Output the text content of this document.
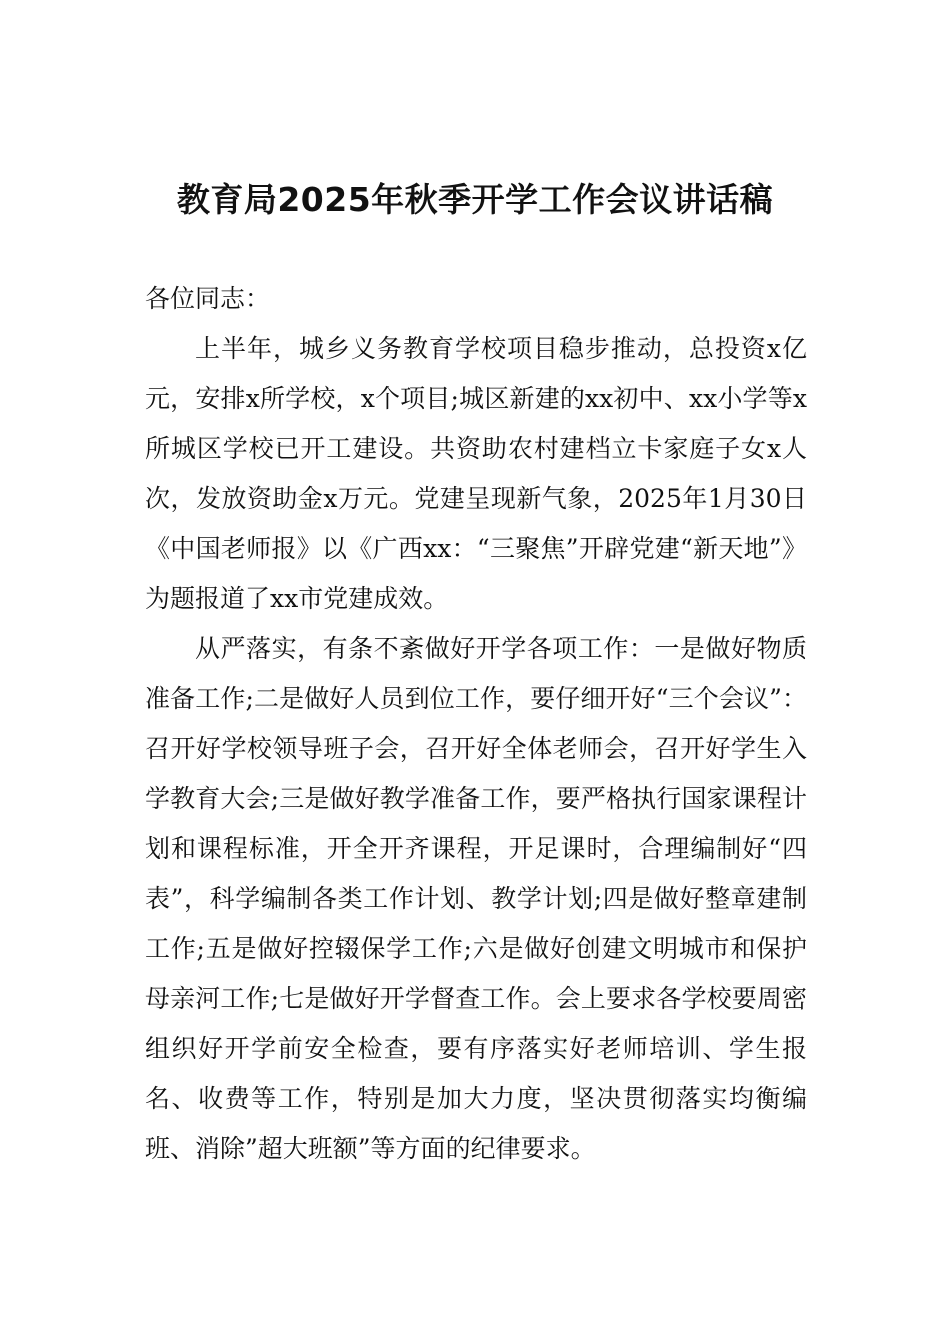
教育局2025年秋季开学工作会议讲话稿

各位同志：

上半年，城乡义务教育学校项目稳步推动，总投资x亿元，安排x所学校，x个项目;城区新建的xx初中、xx小学等x所城区学校已开工建设。共资助农村建档立卡家庭子女x人次，发放资助金x万元。党建呈现新气象，2025年1月30日《中国老师报》以《广西xx：“三聚焦”开辟党建“新天地”》为题报道了xx市党建成效。

从严落实，有条不紊做好开学各项工作：一是做好物质准备工作;二是做好人员到位工作，要仔细开好“三个会议”：召开好学校领导班子会，召开好全体老师会，召开好学生入学教育大会;三是做好教学准备工作，要严格执行国家课程计划和课程标准，开全开齐课程，开足课时，合理编制好“四表”，科学编制各类工作计划、教学计划;四是做好整章建制工作;五是做好控辍保学工作;六是做好创建文明城市和保护母亲河工作;七是做好开学督查工作。会上要求各学校要周密组织好开学前安全检查，要有序落实好老师培训、学生报名、收费等工作，特别是加大力度，坚决贯彻落实均衡编班、消除”超大班额”等方面的纪律要求。
